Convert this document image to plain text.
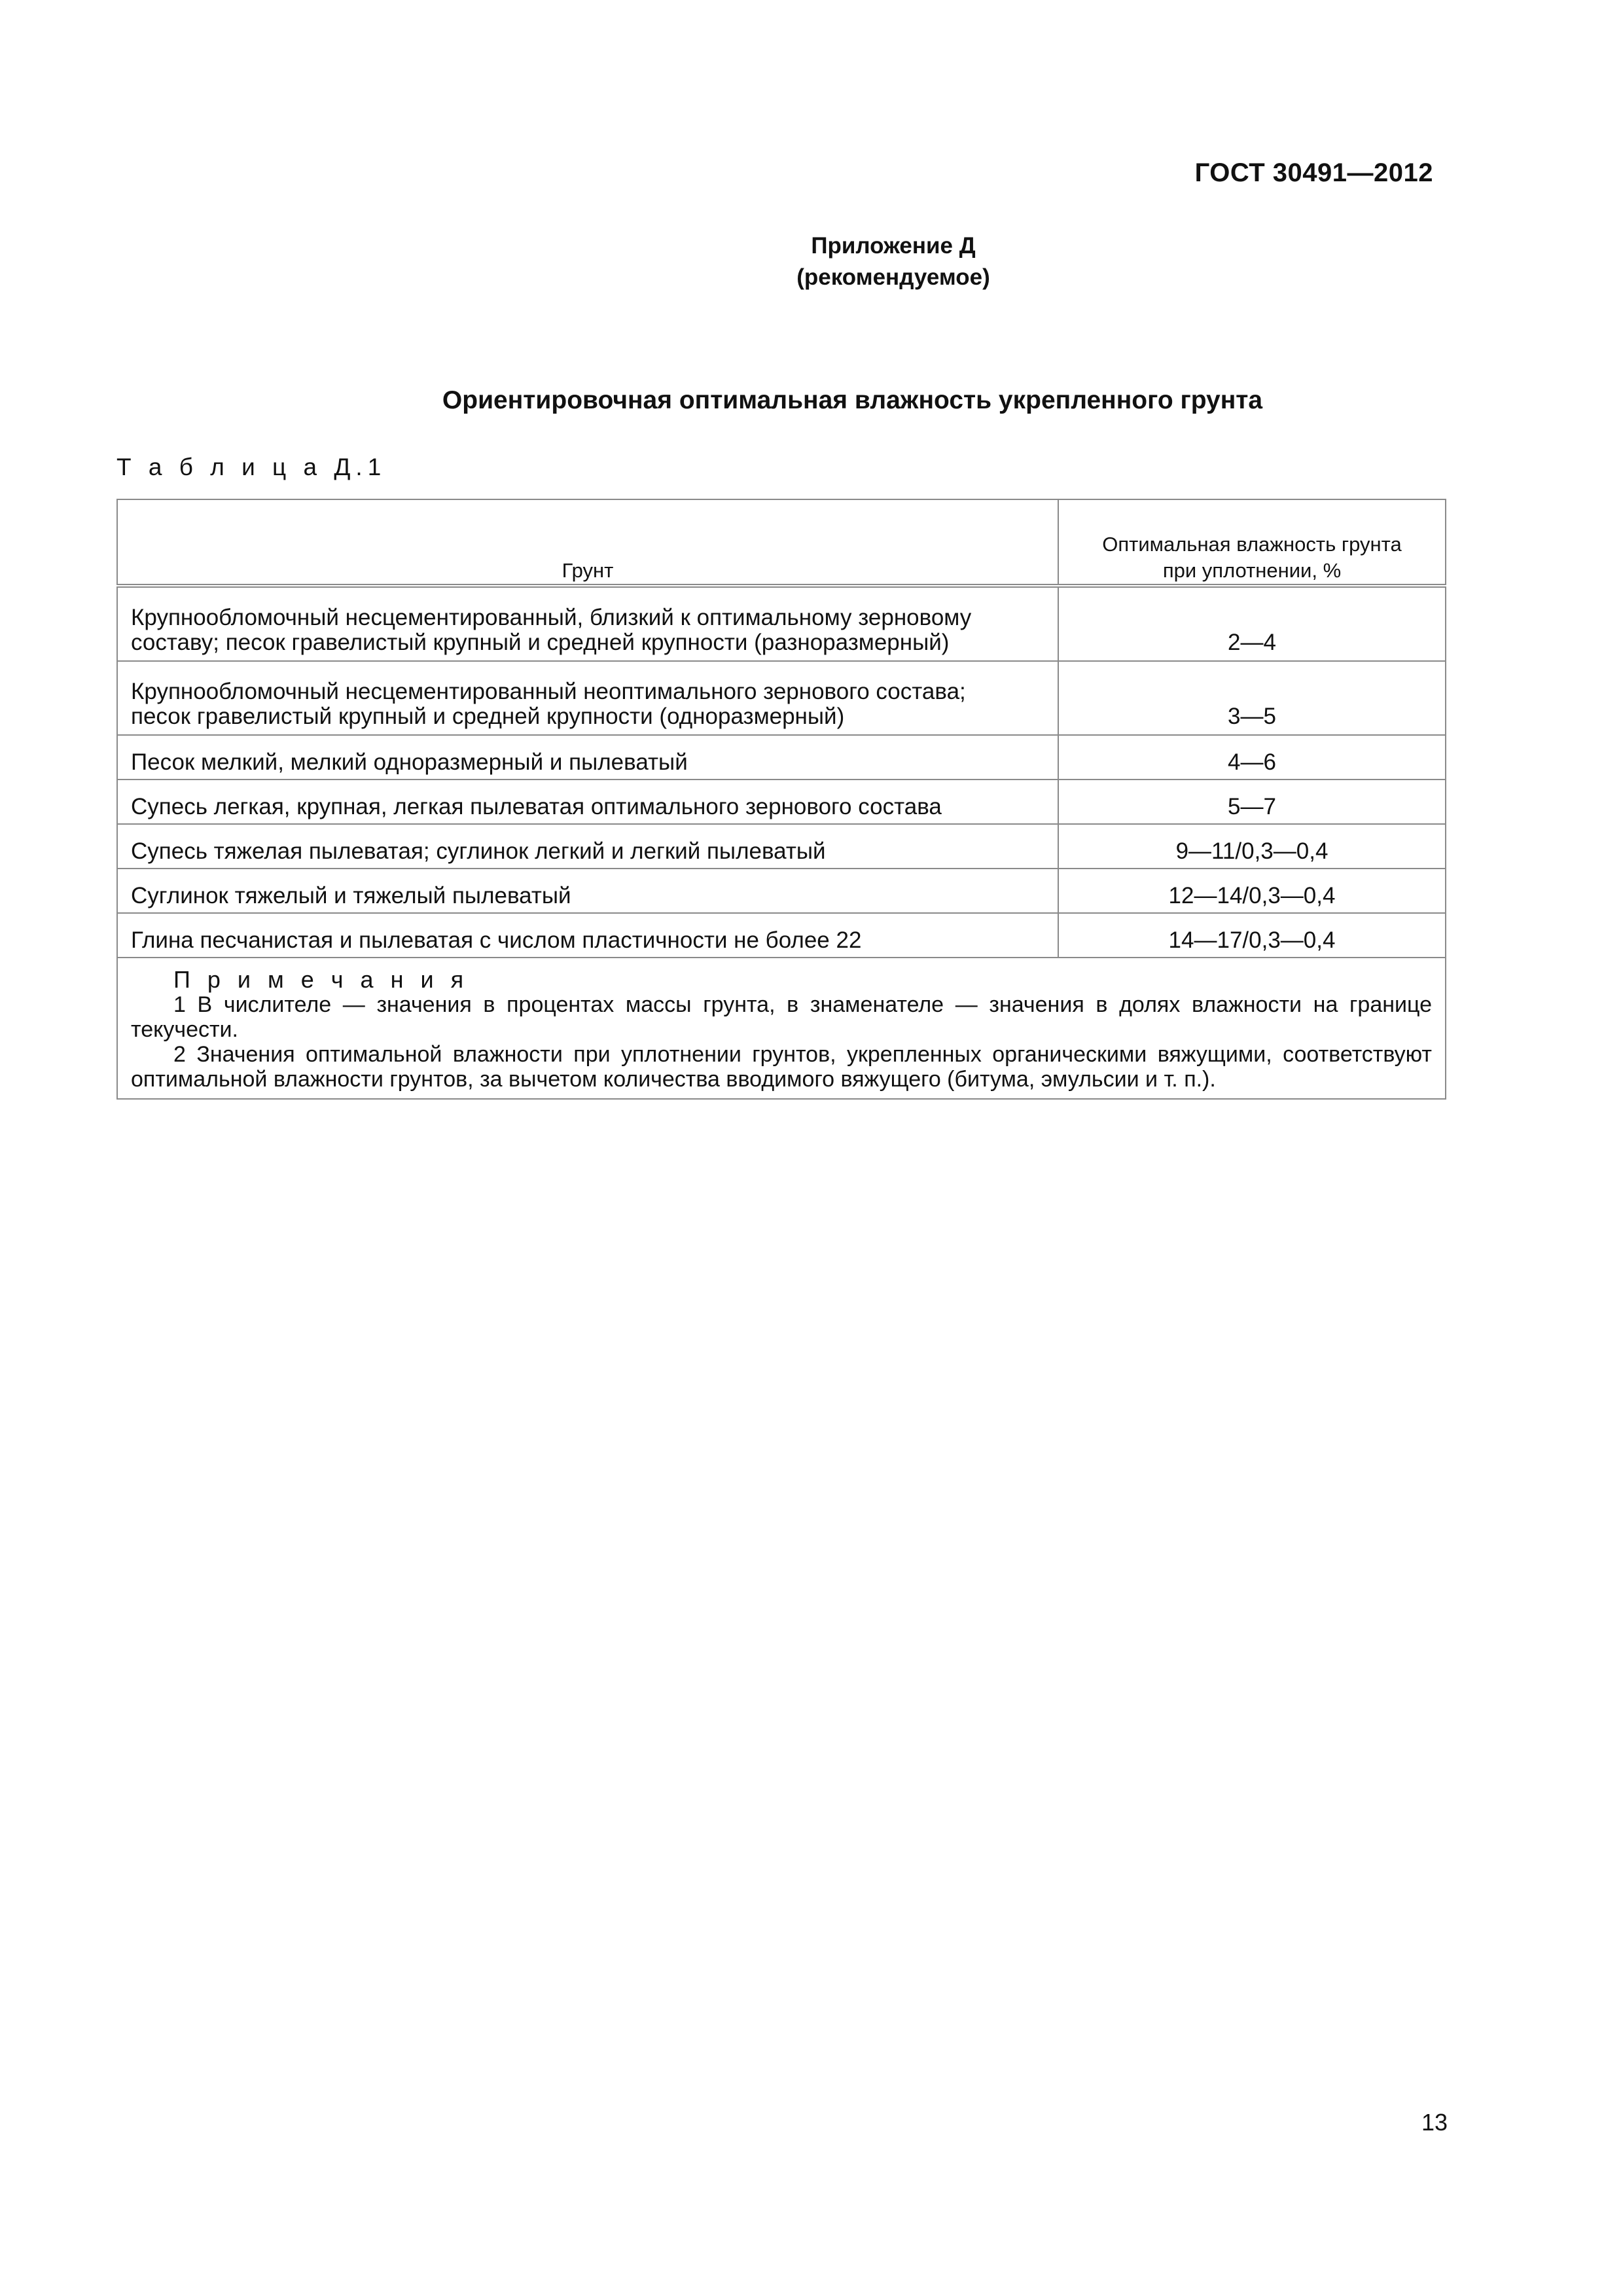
ГОСТ 30491—2012
Приложение Д
(рекомендуемое)
Ориентировочная оптимальная влажность укрепленного грунта
Т а б л и ц а Д.1
Грунт	Оптимальная влажность грунта
при уплотнении, %

Крупнообломочный несцементированный, близкий к оптимальному зерновому
составу; песок гравелистый крупный и средней крупности (разноразмерный)	2—4

Крупнообломочный несцементированный неоптимального зернового состава;
песок гравелистый крупный и средней крупности (одноразмерный)	3—5
Песок мелкий, мелкий одноразмерный и пылеватый	4—6
Супесь легкая, крупная, легкая пылеватая оптимального зернового состава	5—7
Супесь тяжелая пылеватая; суглинок легкий и легкий пылеватый	9—11/0,3—0,4
Суглинок тяжелый и тяжелый пылеватый	12—14/0,3—0,4
Глина песчанистая и пылеватая с числом пластичности не более 22	14—17/0,3—0,4

П р и м е ч а н и я
1 В числителе — значения в процентах массы грунта, в знаменателе — значения в долях влажности на границе текучести.
2 Значения оптимальной влажности при уплотнении грунтов, укрепленных органическими вяжущими, соответствуют оптимальной влажности грунтов, за вычетом количества вводимого вяжущего (битума, эмульсии и т. п.).	
13
